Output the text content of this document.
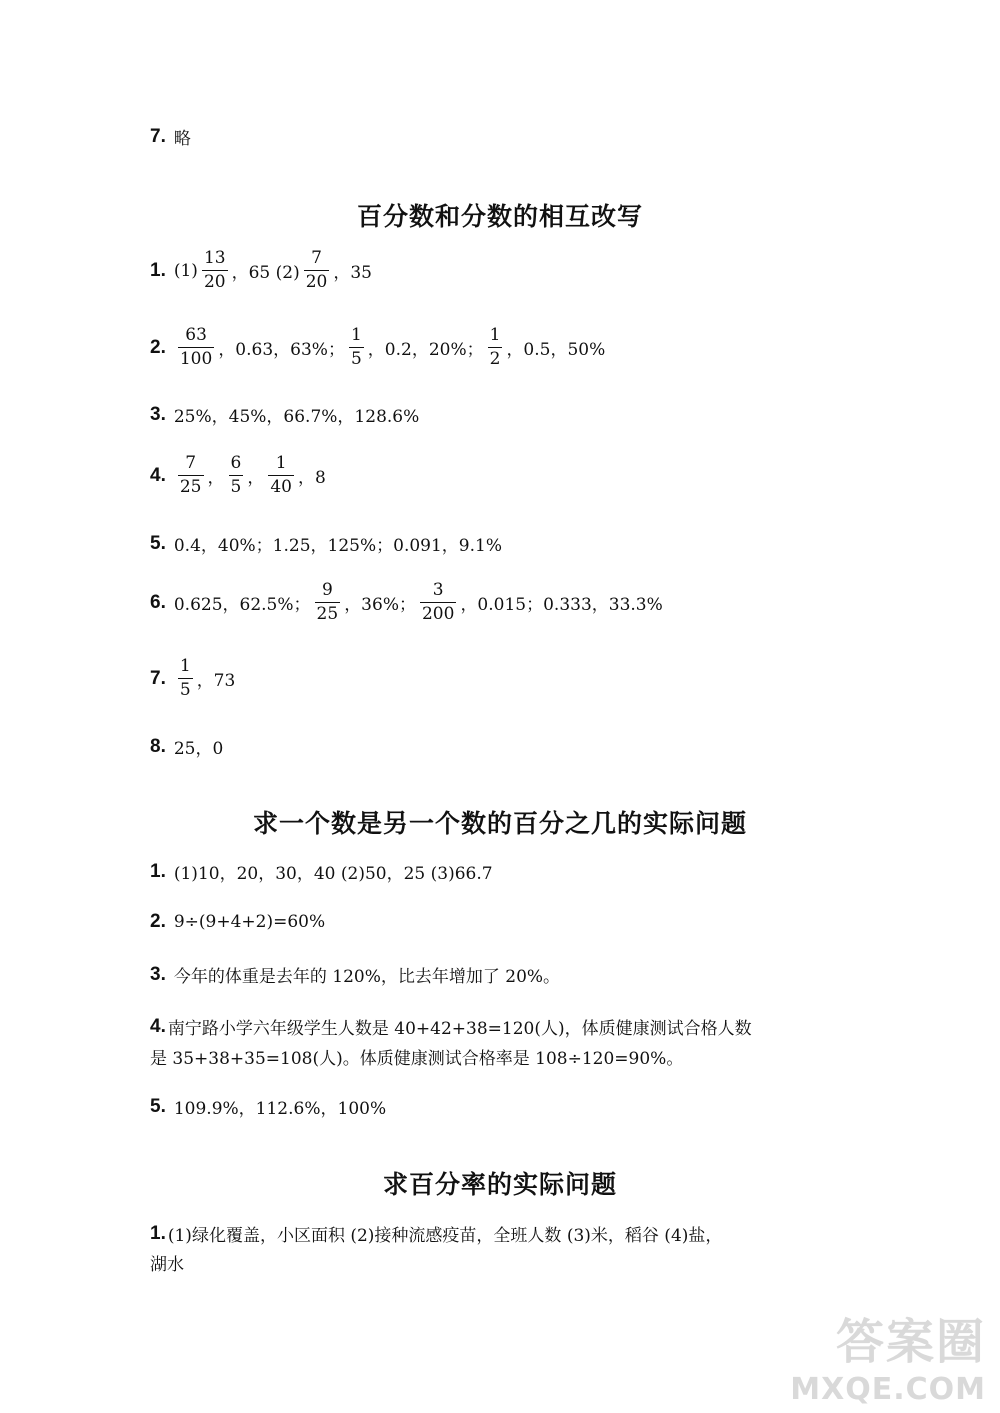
7. 略
百分数和分数的相互改写
1. $(1) \frac{13}{20}$ ，65 $(2) \frac{7}{20}$ ，35
2. $\frac{63}{100}$ ，0.63，63%； $\frac{1}{5}$ ，0.2，20%； $\frac{1}{2}$ ，0.5，50%
3. 25%，45%，66.7%，128.6%
4. $\frac{7}{25}$ ， $\frac{6}{5}$ ， $\frac{1}{40}$ ，8
5. 0.4，40%；1.25，125%；0.091，9.1%
6. 0.625，62.5%； $\frac{9}{25}$ ，36%； $\frac{3}{200}$ ，0.015；0.333，33.3%
7. $\frac{1}{5}$ ，73
8. 25，0
求一个数是另一个数的百分之几的实际问题
1. (1)10，20，30，40 (2)50，25 (3)66.7
2. 9÷(9+4+2)=60%
3. 今年的体重是去年的 120%，比去年增加了 20%。
4. 南宁路小学六年级学生人数是 40+42+38=120(人)，体质健康测试合格人数
是 35+38+35=108(人)。体质健康测试合格率是 108÷120=90%。
5. 109.9%，112.6%，100%
求百分率的实际问题
1. (1)绿化覆盖，小区面积 (2)接种流感疫苗，全班人数 (3)米，稻谷 (4)盐，
湖水
答案圈
MXQE.COM
